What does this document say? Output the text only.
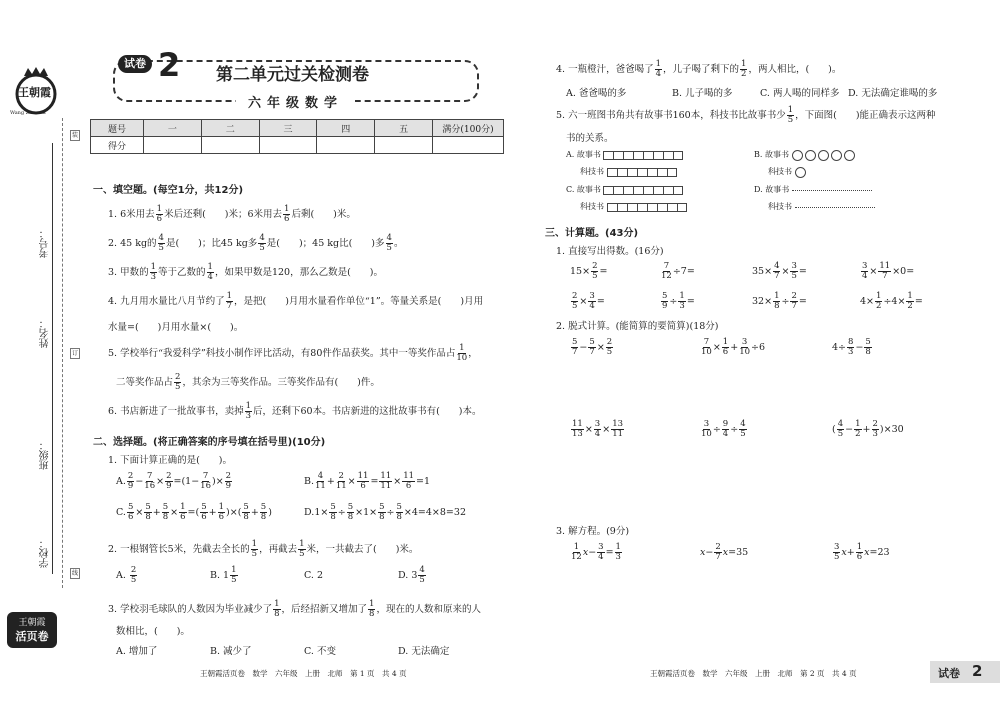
王朝霞
Wang Zhaoxia
装
订
线
考号：
姓名：
班级：
学校：
王朝霞
活页卷
试卷 2 第二单元过关检测卷
六年级数学
题号	一	二	三	四	五	满分(100分)
得分						
一、填空题。(每空1分，共12分)
1. 6米用去 $\frac{1}{6}$ 米后还剩(　　)米；6米用去 $\frac{1}{6}$ 后剩(　　)米。
2. 45 kg的 $\frac{4}{5}$ 是(　　)；比45 kg多 $\frac{4}{5}$ 是(　　)；45 kg比(　　)多 $\frac{4}{5}$ 。
3. 甲数的 $\frac{1}{3}$ 等于乙数的 $\frac{1}{4}$ ，如果甲数是120，那么乙数是(　　)。
4. 九月用水量比八月节约了 $\frac{1}{7}$ ，是把(　　)月用水量看作单位“1”。等量关系是(　　)月用
水量=(　　)月用水量×(　　)。
5. 学校举行“我爱科学”科技小制作评比活动，有80件作品获奖。其中一等奖作品占 $\frac{1}{10}$ ，
二等奖作品占 $\frac{2}{5}$ ，其余为三等奖作品。三等奖作品有(　　)件。
6. 书店新进了一批故事书，卖掉 $\frac{1}{3}$ 后，还剩下60本。书店新进的这批故事书有(　　)本。
二、选择题。(将正确答案的序号填在括号里)(10分)
1. 下面计算正确的是(　　)。
A. $\frac{2}{9} - \frac{7}{16} \times \frac{2}{9} =(1- \frac{7}{16}$ )× $\frac{2}{9}$	B. $\frac{4}{11} + \frac{2}{11} \times \frac{11}{6} = \frac{11}{11} \times \frac{11}{6} =1$
C. $\frac{5}{6} \times \frac{5}{8} + \frac{5}{8} \times \frac{1}{6}$ =( $\frac{5}{6} + \frac{1}{6}$ )×( $\frac{5}{8} + \frac{5}{8}$ )	$D.1\times \frac{5}{8} \div \frac{5}{8} \times 1\times \frac{5}{8} \div \frac{5}{8} \times 4=4\times 8=32$
2. 一根钢管长5米，先截去全长的 $\frac{1}{5}$ ，再截去 $\frac{1}{5}$ 米，一共截去了(　　)米。
A. $\frac{2}{5}$	B. $1 \frac{1}{5}$	C. 2	D. $3 \frac{4}{5}$
3. 学校羽毛球队的人数因为毕业减少了 $\frac{1}{8}$ ，后经招新又增加了 $\frac{1}{8}$ ，现在的人数和原来的人
数相比，(　　)。
A. 增加了	B. 减少了	C. 不变	D. 无法确定
王朝霞活页卷　数学　六年级　上册　北师　第 1 页　共 4 页
4. 一瓶橙汁，爸爸喝了 $\frac{1}{4}$ ，儿子喝了剩下的 $\frac{1}{2}$ ，两人相比，(　　)。
A. 爸爸喝的多	B. 儿子喝的多	C. 两人喝的同样多 D. 无法确定谁喝的多
5. 六一班图书角共有故事书160本，科技书比故事书少 $\frac{1}{5}$ ，下面图(　　)能正确表示这两种
书的关系。
A. 故事书
科技书
C. 故事书
科技书
B. 故事书
科技书
D. 故事书
科技书
三、计算题。(43分)
1. 直接写出得数。(16分)
$15\times \frac{2}{5}$ =	$\frac{7}{12} \div 7=$	$35\times \frac{4}{7} \times \frac{3}{5}$ =	$\frac{3}{4} \times \frac{11}{7} \times 0=$
$\frac{2}{5} \times \frac{3}{4}$ =	$\frac{5}{9} \div \frac{1}{3}$ =	$32\times \frac{1}{8} \div \frac{2}{7}$ =	$4\times \frac{1}{2} \div 4\times \frac{1}{2}$ =
2. 脱式计算。(能简算的要简算)(18分)
$\frac{5}{7} - \frac{5}{7} \times \frac{2}{5}$	$\frac{7}{10} \times \frac{1}{6} + \frac{3}{10} \div 6$	$4\div \frac{8}{3} - \frac{5}{8}$
$\frac{11}{13} \times \frac{3}{4} \times \frac{13}{11}$	$\frac{3}{10} \div \frac{9}{4} \div \frac{4}{5}$	( $\frac{4}{5} - \frac{1}{2} + \frac{2}{3} )\times 30$
3. 解方程。(9分)
$\frac{1}{12} x- \frac{3}{4} = \frac{1}{3}$	$x- \frac{2}{7} x=35$	$\frac{3}{5} x+ \frac{1}{6} x=23$
王朝霞活页卷　数学　六年级　上册　北师　第 2 页　共 4 页	试卷 2
